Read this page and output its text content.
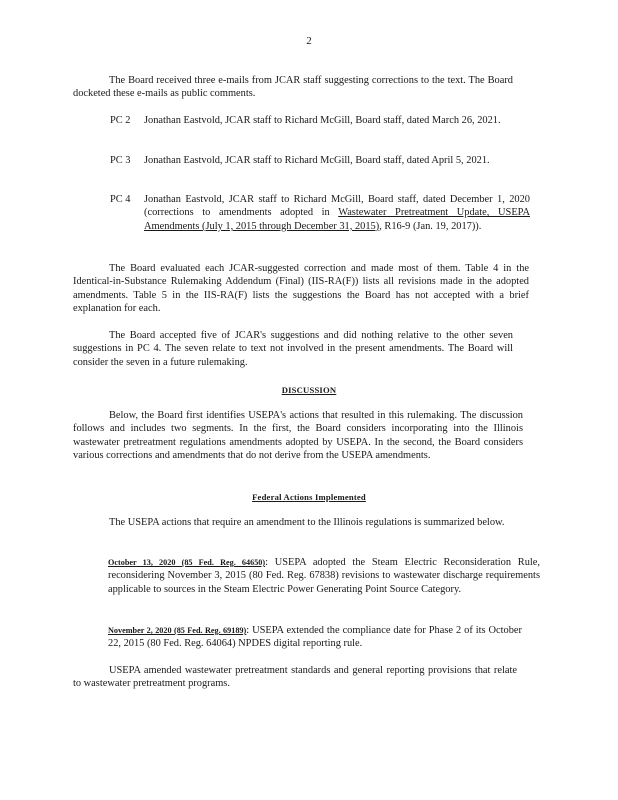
2
The Board received three e-mails from JCAR staff suggesting corrections to the text. The Board docketed these e-mails as public comments.
PC 2	Jonathan Eastvold, JCAR staff to Richard McGill, Board staff, dated March 26, 2021.
PC 3	Jonathan Eastvold, JCAR staff to Richard McGill, Board staff, dated April 5, 2021.
PC 4	Jonathan Eastvold, JCAR staff to Richard McGill, Board staff, dated December 1, 2020 (corrections to amendments adopted in Wastewater Pretreatment Update, USEPA Amendments (July 1, 2015 through December 31, 2015), R16-9 (Jan. 19, 2017)).
The Board evaluated each JCAR-suggested correction and made most of them. Table 4 in the Identical-in-Substance Rulemaking Addendum (Final) (IIS-RA(F)) lists all revisions made in the adopted amendments. Table 5 in the IIS-RA(F) lists the suggestions the Board has not accepted with a brief explanation for each.
The Board accepted five of JCAR's suggestions and did nothing relative to the other seven suggestions in PC 4. The seven relate to text not involved in the present amendments. The Board will consider the seven in a future rulemaking.
DISCUSSION
Below, the Board first identifies USEPA's actions that resulted in this rulemaking. The discussion follows and includes two segments. In the first, the Board considers incorporating into the Illinois wastewater pretreatment regulations amendments adopted by USEPA. In the second, the Board considers various corrections and amendments that do not derive from the USEPA amendments.
Federal Actions Implemented
The USEPA actions that require an amendment to the Illinois regulations is summarized below.
October 13, 2020 (85 Fed. Reg. 64650): USEPA adopted the Steam Electric Reconsideration Rule, reconsidering November 3, 2015 (80 Fed. Reg. 67838) revisions to wastewater discharge requirements applicable to sources in the Steam Electric Power Generating Point Source Category.
November 2, 2020 (85 Fed. Reg. 69189): USEPA extended the compliance date for Phase 2 of its October 22, 2015 (80 Fed. Reg. 64064) NPDES digital reporting rule.
USEPA amended wastewater pretreatment standards and general reporting provisions that relate to wastewater pretreatment programs.
